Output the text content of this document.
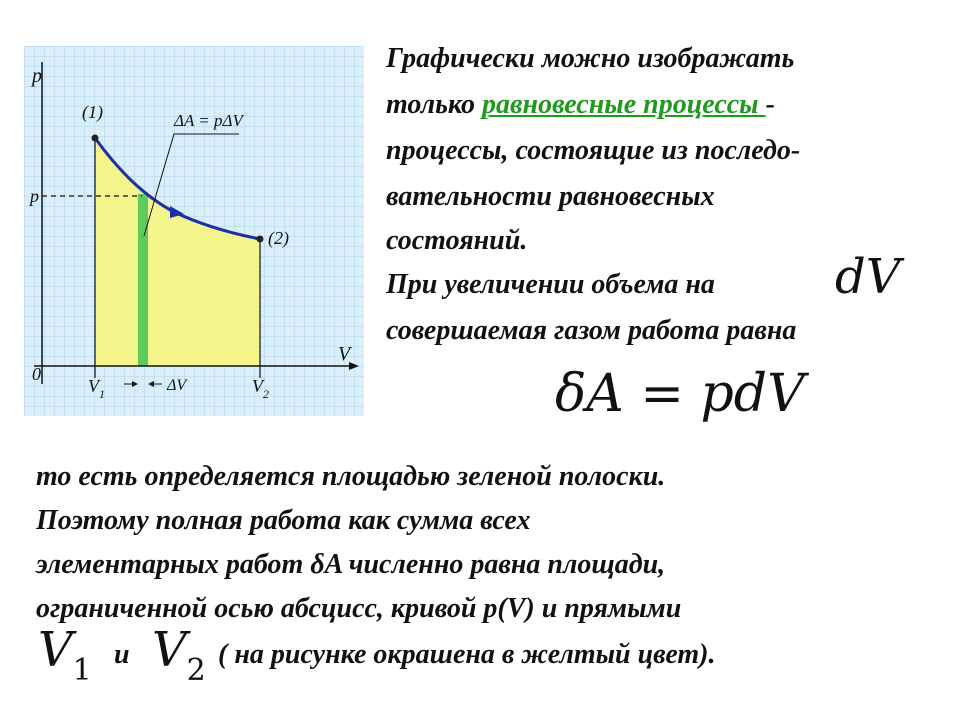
p
V
0
p
(1)
(2)
ΔA = pΔV
$V_1$	ΔV	$V_2$

Графически можно изображать

только равновесные процессы -

процессы, состоящие из последо-

вательности равновесных

состояний.

При увеличении объема на

совершаемая газом работа равна

dV
δA = pdV

то есть определяется площадью зеленой полоски.

Поэтому полная работа как сумма всех

элементарных работ δA численно равна площади,

ограниченной осью абсцисс, кривой p(V) и прямыми

$V_1$ и $V_2$ ( на рисунке окрашена в желтый цвет).
